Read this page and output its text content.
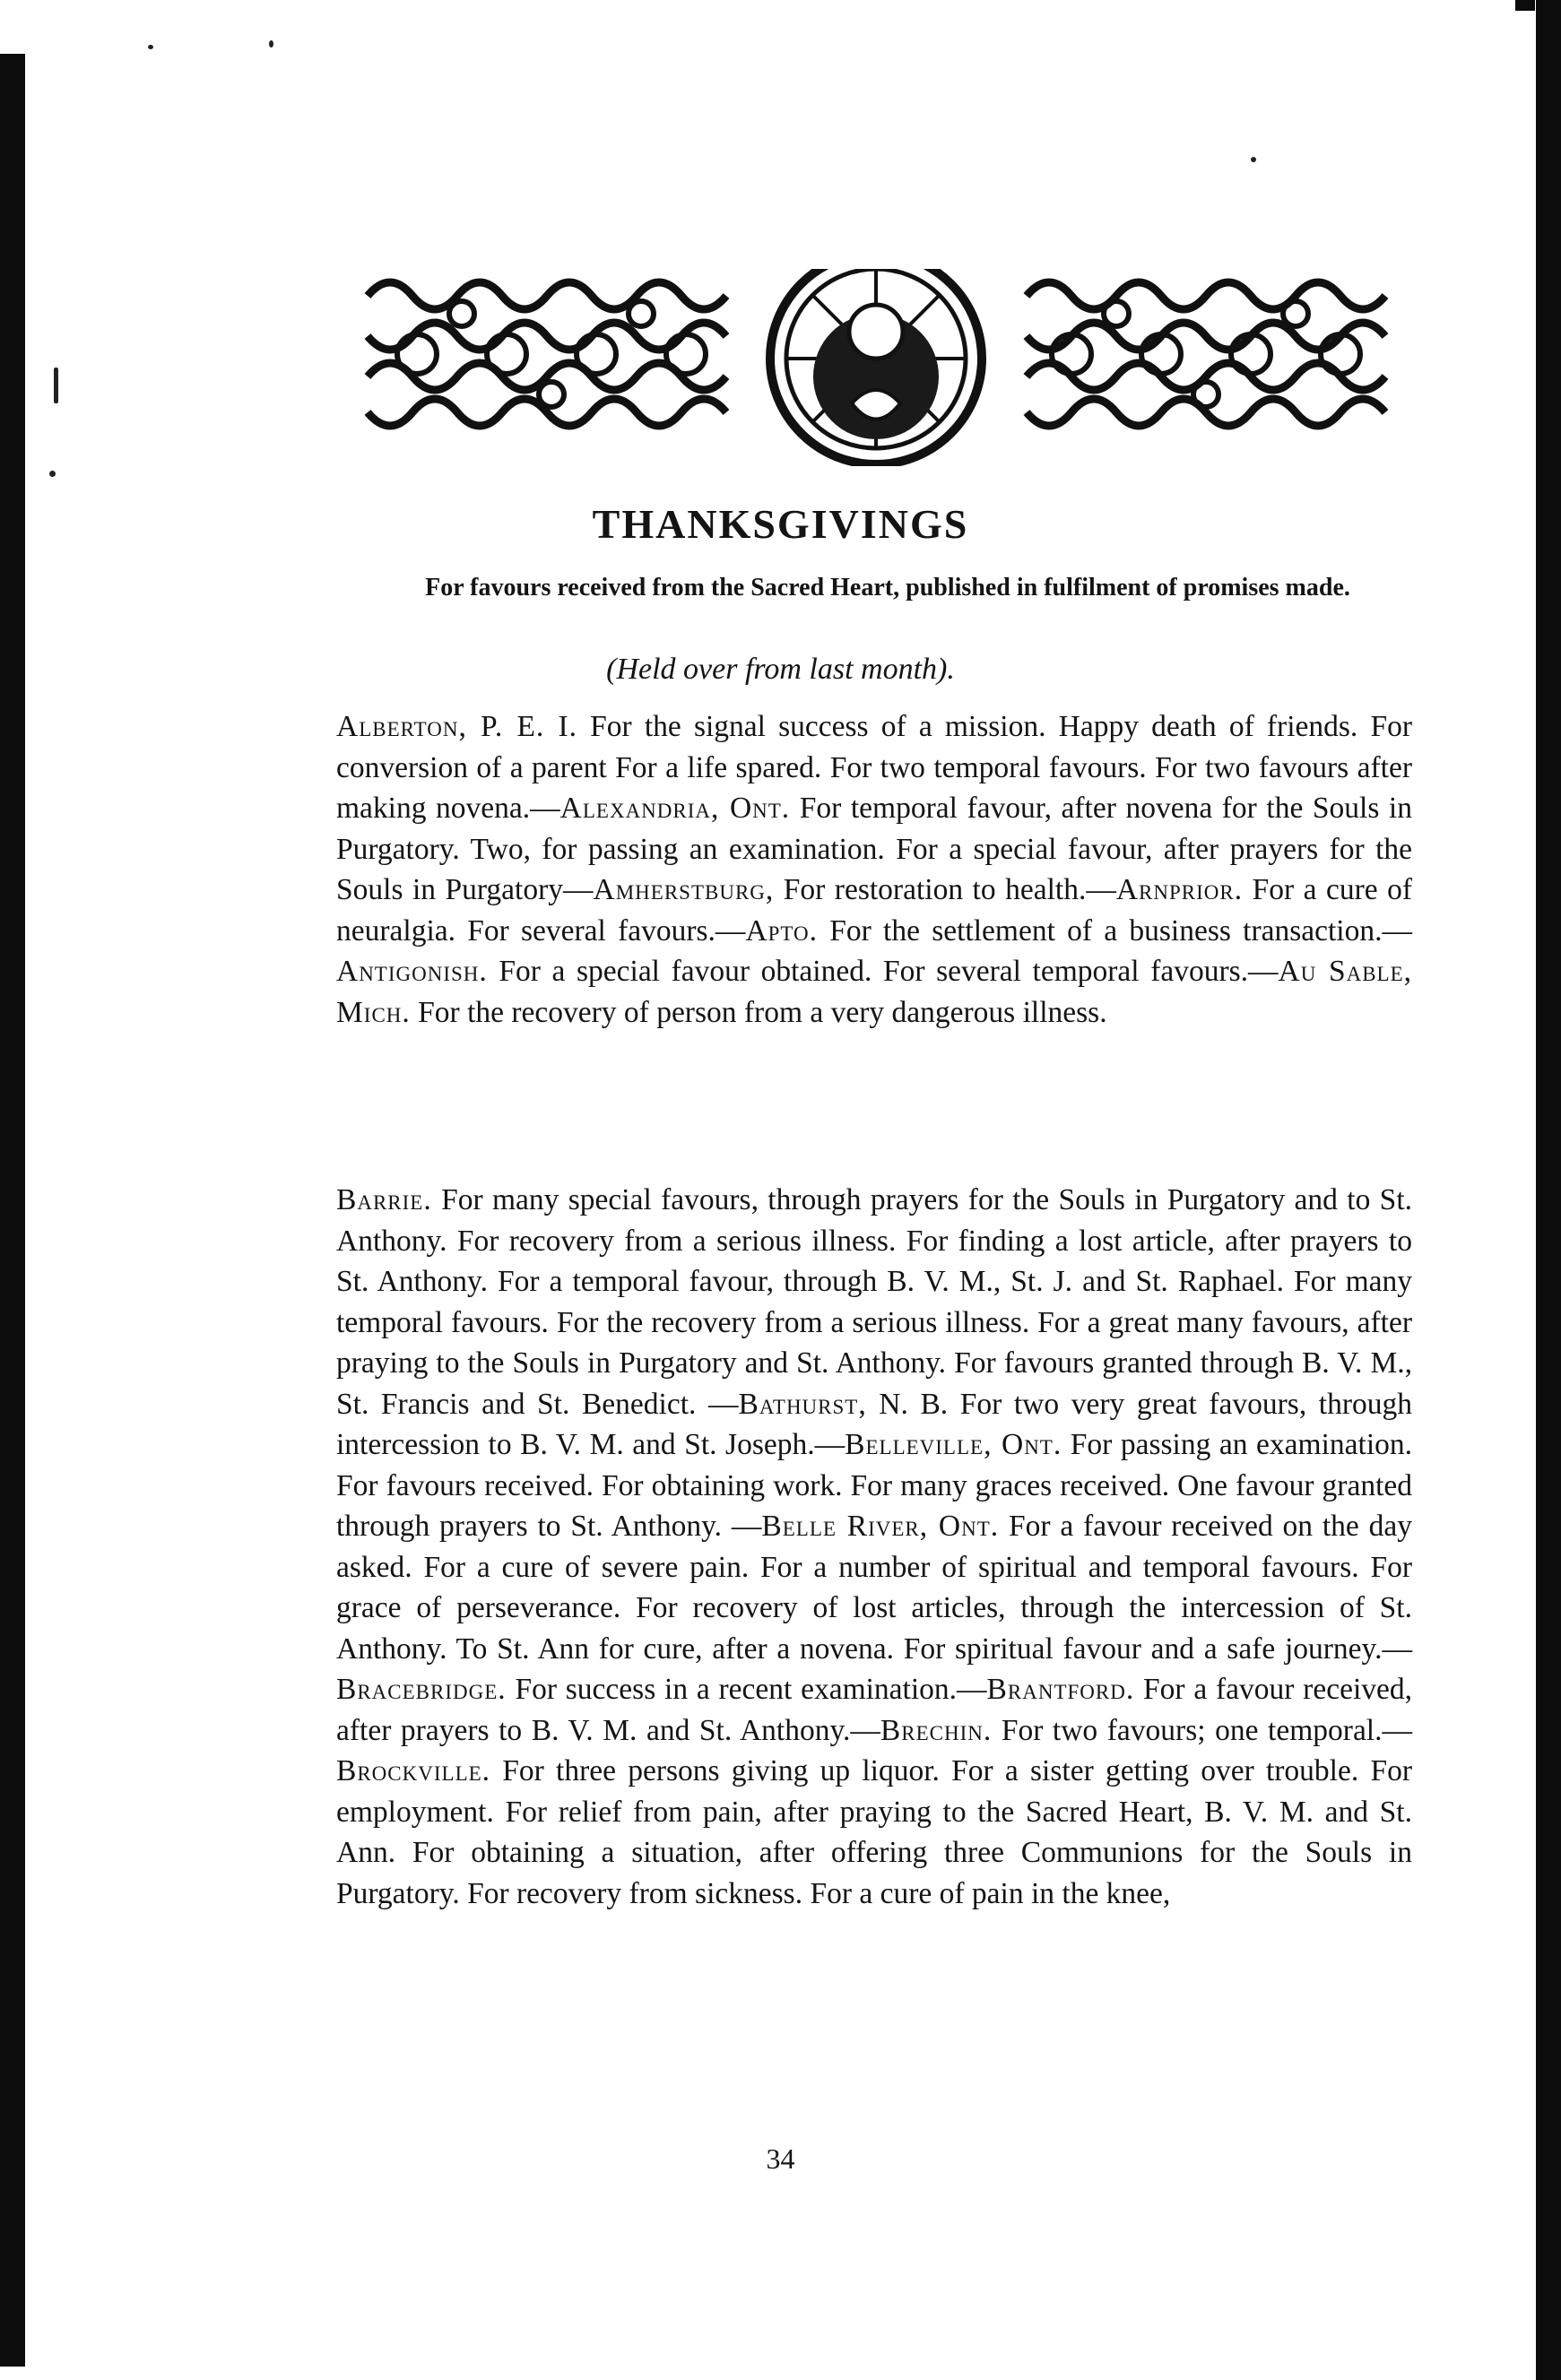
THANKSGIVINGS
For favours received from the Sacred Heart, published in fulfilment of promises made.
(Held over from last month).
Alberton, P. E. I. For the signal success of a mission. Happy death of friends. For conversion of a parent For a life spared. For two temporal favours. For two favours after making novena.—Alexandria, Ont. For temporal favour, after novena for the Souls in Purgatory. Two, for passing an examination. For a special favour, after prayers for the Souls in Purgatory—Amherstburg, For restoration to health.—Arnprior. For a cure of neuralgia. For several favours.—Apto. For the settlement of a business transaction.—Antigonish. For a special favour obtained. For several temporal favours.—Au Sable, Mich. For the recovery of person from a very dangerous illness.
Barrie. For many special favours, through prayers for the Souls in Purgatory and to St. Anthony. For recovery from a serious illness. For finding a lost article, after prayers to St. Anthony. For a temporal favour, through B. V. M., St. J. and St. Raphael. For many temporal favours. For the recovery from a serious illness. For a great many favours, after praying to the Souls in Purgatory and St. Anthony. For favours granted through B. V. M., St. Francis and St. Benedict. —Bathurst, N. B. For two very great favours, through intercession to B. V. M. and St. Joseph.—Belleville, Ont. For passing an examination. For favours received. For obtaining work. For many graces received. One favour granted through prayers to St. Anthony. —Belle River, Ont. For a favour received on the day asked. For a cure of severe pain. For a number of spiritual and temporal favours. For grace of perseverance. For recovery of lost articles, through the intercession of St. Anthony. To St. Ann for cure, after a novena. For spiritual favour and a safe journey.—Bracebridge. For success in a recent examination.—Brantford. For a favour received, after prayers to B. V. M. and St. Anthony.—Brechin. For two favours; one temporal.—Brockville. For three persons giving up liquor. For a sister getting over trouble. For employment. For relief from pain, after praying to the Sacred Heart, B. V. M. and St. Ann. For obtaining a situation, after offering three Communions for the Souls in Purgatory. For recovery from sickness. For a cure of pain in the knee,
34
